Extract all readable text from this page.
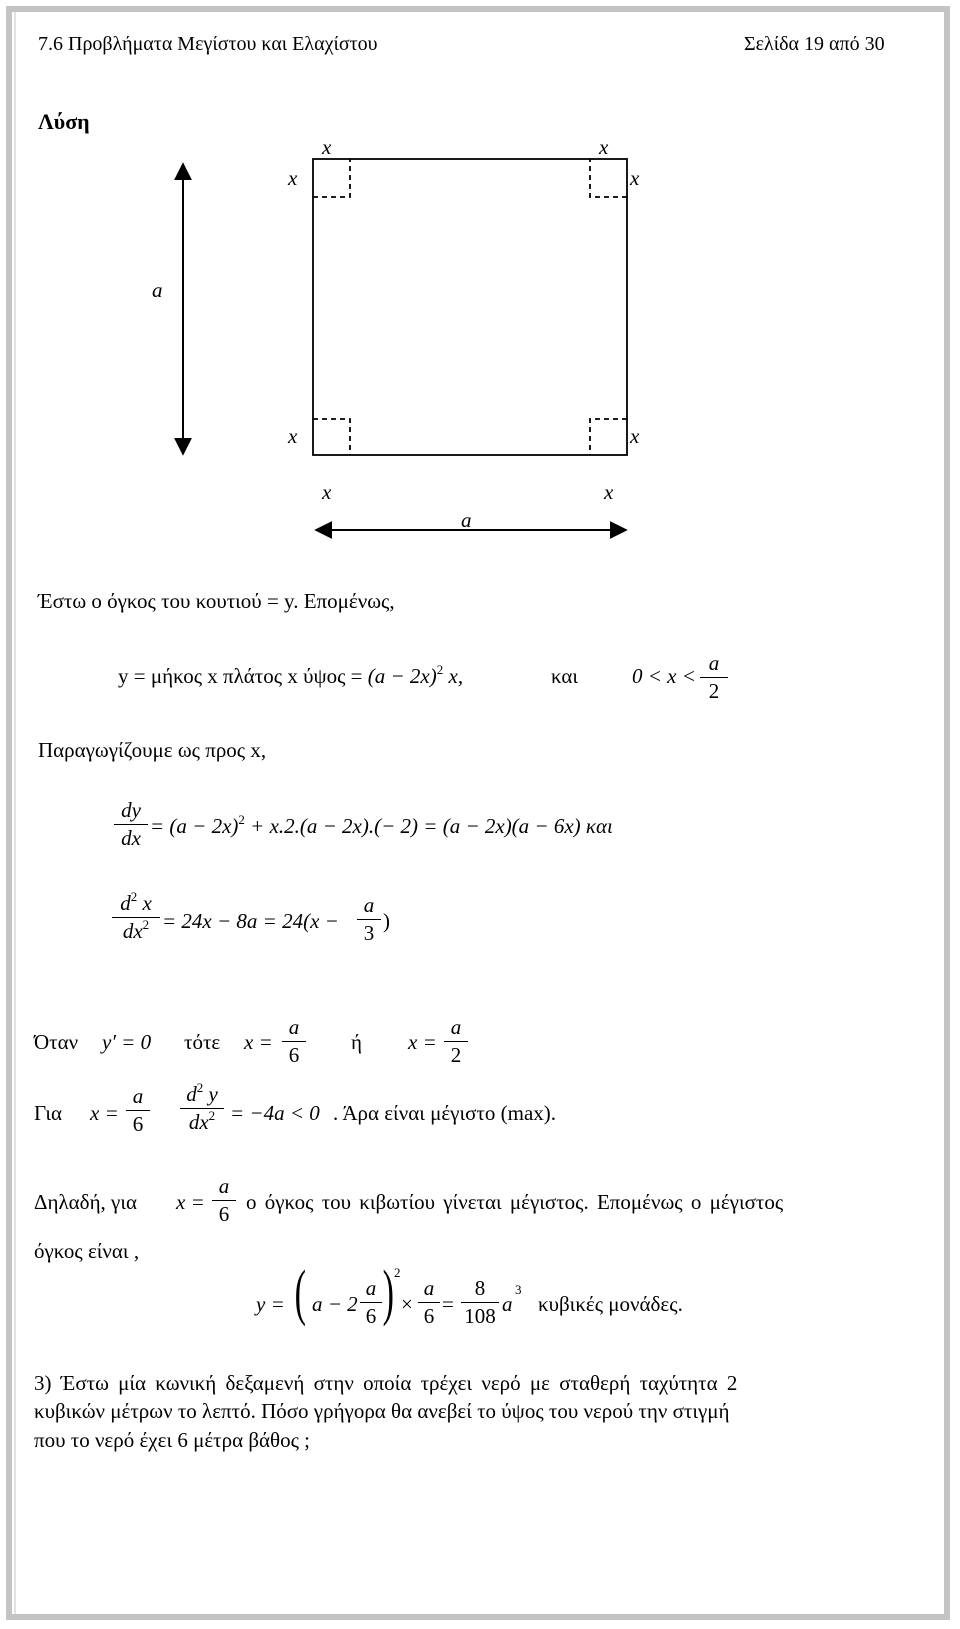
7.6 Προβλήματα Μεγίστου και Ελαχίστου	Σελίδα 19 από 30
Λύση
x	x
x	x
a
x	x
x	x
a
Έστω ο όγκος του κουτιού = y. Επομένως,
y = μήκος x πλάτος x $ύ\psi o\varsigma = (a - 2x)^2$ x,	και	0 < x <
a
2
Παραγωγίζουμε ως προς x,
dy
dx = $(a - 2x)^2 + x.2.(a - 2x).(- 2) = (a - 2x)(a - 6x)$ και
$d^2$ x
$dx^2 = 24x - 8a = 24(x$ −
a
3 )
Όταν y′ = 0 τότε x =
a
6
ή x =
a
2
Για x =
a
6
$d^2$ y
$dx^2 = -4a < 0$ . Άρα είναι μέγιστο (max).
Δηλαδή, για x =
a
6 ο όγκος του κιβωτίου γίνεται μέγιστος. Επομένως ο μέγιστος
όγκος είναι ,
y = ( a − 2
a
6 ) 2
×
a
6 =
8
108 a
3
κυβικές μονάδες.
3) Έστω μία κωνική δεξαμενή στην οποία τρέχει νερό με σταθερή ταχύτητα 2
κυβικών μέτρων το λεπτό. Πόσο γρήγορα θα ανεβεί το ύψος του νερού την στιγμή
που το νερό έχει 6 μέτρα βάθος ;
